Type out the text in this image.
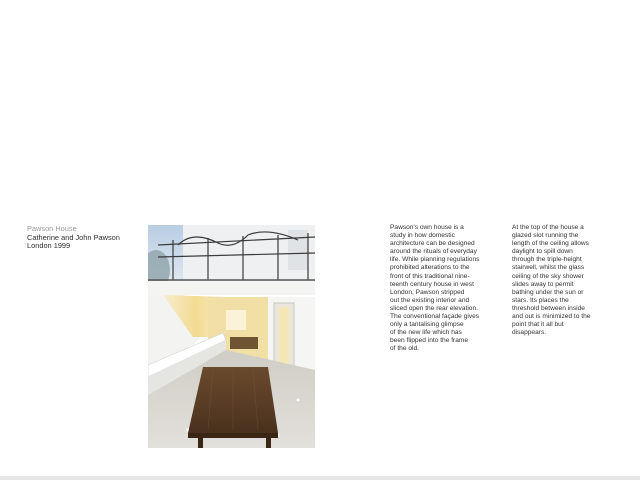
Pawson House
Catherine and John Pawson
London 1999
Pawson's own house is a
study in how domestic
architecture can be designed
around the rituals of everyday
life. While planning regulations
prohibited alterations to the
front of this traditional nine-
teenth century house in west
London, Pawson stripped
out the existing interior and
sliced open the rear elevation.
The conventional façade gives
only a tantalising glimpse
of the new life which has
been flipped into the frame
of the old.
At the top of the house a
glazed slot running the
length of the ceiling allows
daylight to spill down
through the triple-height
stairwell, whilst the glass
ceiling of the sky shower
slides away to permit
bathing under the sun or
stars. Its places the
threshold between inside
and out is minimized to the
point that it all but
disappears.
